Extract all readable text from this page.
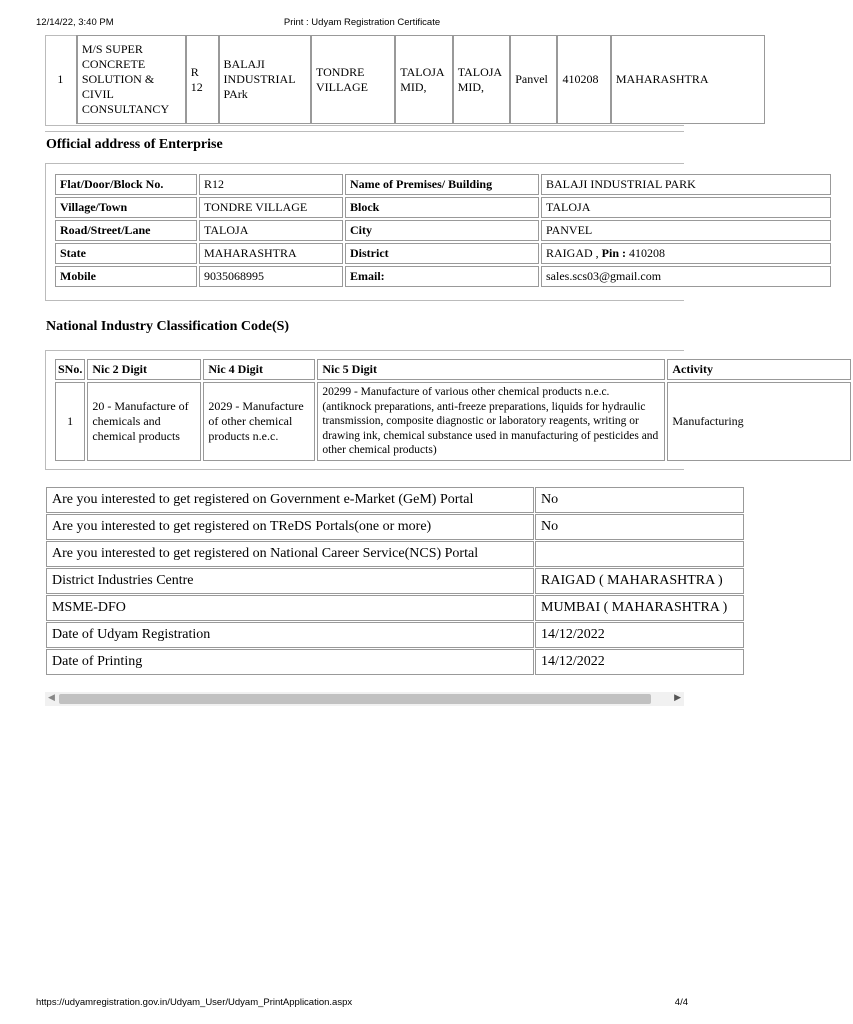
12/14/22, 3:40 PM	Print : Udyam Registration Certificate
1	M/S SUPER CONCRETE SOLUTION & CIVIL CONSULTANCY	R 12	BALAJI INDUSTRIAL PArk	TONDRE VILLAGE	TALOJA MID,	TALOJA MID,	Panvel	410208	MAHARASHTRA
Official address of Enterprise
Flat/Door/Block No.	R12	Name of Premises/ Building	BALAJI INDUSTRIAL PARK
Village/Town	TONDRE VILLAGE	Block	TALOJA
Road/Street/Lane	TALOJA	City	PANVEL
State	MAHARASHTRA	District	RAIGAD , Pin : 410208
Mobile	9035068995	Email:	sales.scs03@gmail.com
National Industry Classification Code(S)
SNo.	Nic 2 Digit	Nic 4 Digit	Nic 5 Digit	Activity
1	20 - Manufacture of chemicals and chemical products	2029 - Manufacture of other chemical products n.e.c.	20299 - Manufacture of various other chemical products n.e.c. (antiknock preparations, anti-freeze preparations, liquids for hydraulic transmission, composite diagnostic or laboratory reagents, writing or drawing ink, chemical substance used in manufacturing of pesticides and other chemical products)	Manufacturing
Are you interested to get registered on Government e-Market (GeM) Portal	No
Are you interested to get registered on TReDS Portals(one or more)	No
Are you interested to get registered on National Career Service(NCS) Portal	
District Industries Centre	RAIGAD ( MAHARASHTRA )
MSME-DFO	MUMBAI ( MAHARASHTRA )
Date of Udyam Registration	14/12/2022
Date of Printing	14/12/2022
◀	▶
https://udyamregistration.gov.in/Udyam_User/Udyam_PrintApplication.aspx	4/4
